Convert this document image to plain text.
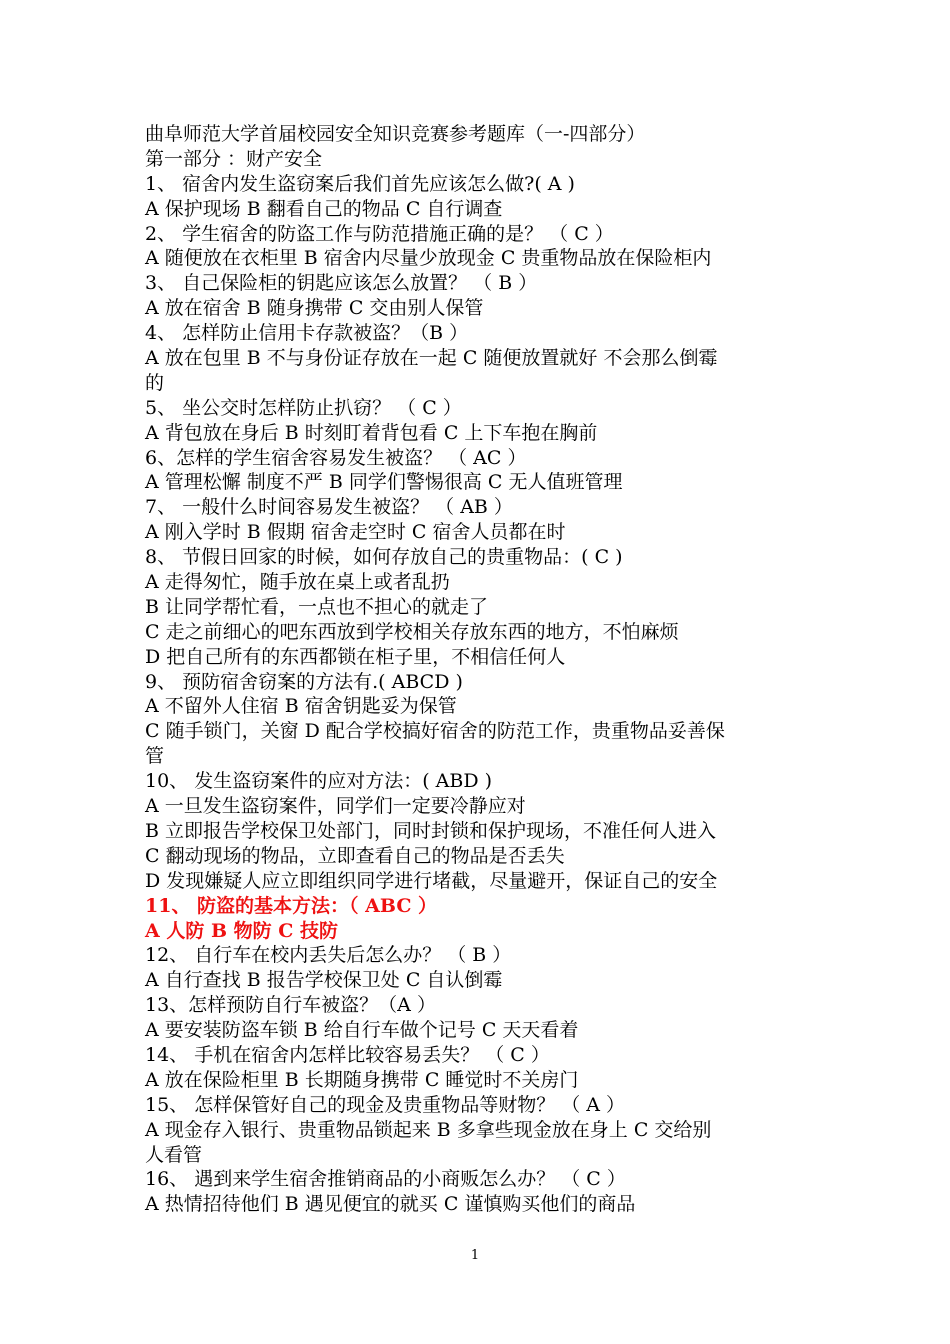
曲阜师范大学首届校园安全知识竞赛参考题库（一-四部分）
第一部分 ：财产安全
1、 宿舍内发生盗窃案后我们首先应该怎么做?( A )
A 保护现场 B 翻看自己的物品 C 自行调查
2、 学生宿舍的防盗工作与防范措施正确的是？ （ C ）
A 随便放在衣柜里 B 宿舍内尽量少放现金 C 贵重物品放在保险柜内
3、 自己保险柜的钥匙应该怎么放置？ （ B ）
A 放在宿舍 B 随身携带 C 交由别人保管
4、 怎样防止信用卡存款被盗？（B ）
A 放在包里 B 不与身份证存放在一起 C 随便放置就好 不会那么倒霉
的
5、 坐公交时怎样防止扒窃？ （ C ）
A 背包放在身后 B 时刻盯着背包看 C 上下车抱在胸前
6、怎样的学生宿舍容易发生被盗？ （ AC ）
A 管理松懈 制度不严 B 同学们警惕很高 C 无人值班管理
7、 一般什么时间容易发生被盗？ （ AB ）
A 刚入学时 B 假期 宿舍走空时 C 宿舍人员都在时
8、 节假日回家的时候，如何存放自己的贵重物品：( C )
A 走得匆忙，随手放在桌上或者乱扔
B 让同学帮忙看，一点也不担心的就走了
C 走之前细心的吧东西放到学校相关存放东西的地方，不怕麻烦
D 把自己所有的东西都锁在柜子里，不相信任何人
9、 预防宿舍窃案的方法有.( ABCD )
A 不留外人住宿 B 宿舍钥匙妥为保管
C 随手锁门，关窗 D 配合学校搞好宿舍的防范工作，贵重物品妥善保
管
10、 发生盗窃案件的应对方法：( ABD )
A 一旦发生盗窃案件，同学们一定要冷静应对
B 立即报告学校保卫处部门，同时封锁和保护现场，不准任何人进入
C 翻动现场的物品，立即查看自己的物品是否丢失
D 发现嫌疑人应立即组织同学进行堵截，尽量避开，保证自己的安全
11、 防盗的基本方法：（ ABC ）
A 人防 B 物防 C 技防
12、 自行车在校内丢失后怎么办？ （ B ）
A 自行查找 B 报告学校保卫处 C 自认倒霉
13、怎样预防自行车被盗？（A ）
A 要安装防盗车锁 B 给自行车做个记号 C 天天看着
14、 手机在宿舍内怎样比较容易丢失？ （ C ）
A 放在保险柜里 B 长期随身携带 C 睡觉时不关房门
15、 怎样保管好自己的现金及贵重物品等财物？ （ A ）
A 现金存入银行、贵重物品锁起来 B 多拿些现金放在身上 C 交给别
人看管
16、 遇到来学生宿舍推销商品的小商贩怎么办？ （ C ）
A 热情招待他们 B 遇见便宜的就买 C 谨慎购买他们的商品
1
